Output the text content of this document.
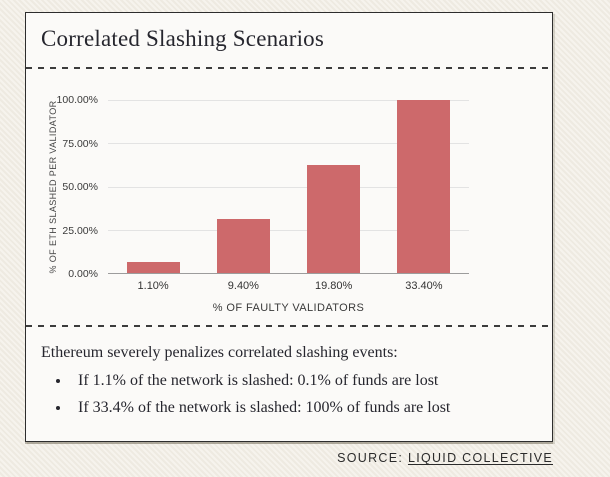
Correlated Slashing Scenarios
% OF ETH SLASHED PER VALIDATOR
0.00%
25.00%
50.00%
75.00%
100.00%
1.10%	9.40%	19.80%	33.40%
% OF FAULTY VALIDATORS
Ethereum severely penalizes correlated slashing events:
• If 1.1% of the network is slashed: 0.1% of funds are lost
• If 33.4% of the network is slashed: 100% of funds are lost
SOURCE: LIQUID COLLECTIVE
